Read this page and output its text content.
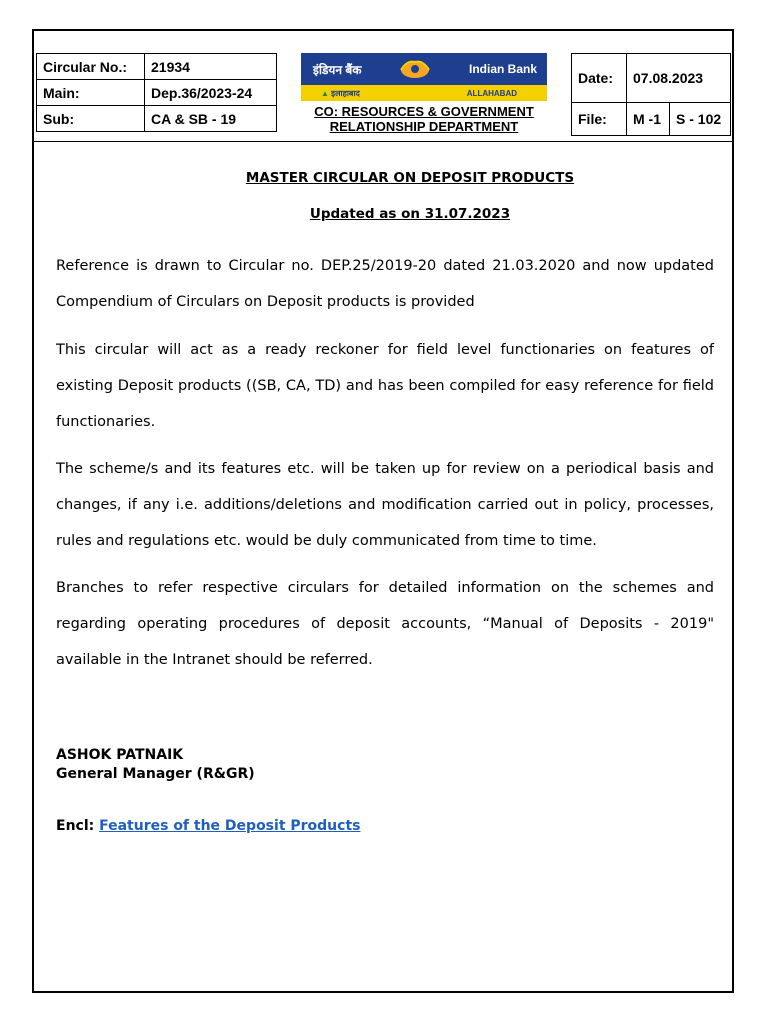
Circular No.:	21934
Main:	Dep.36/2023-24
Sub:	CA & SB - 19
इंडियन बैंक	Indian Bank
▲ इलाहाबाद	ALLAHABAD
CO: RESOURCES & GOVERNMENT
RELATIONSHIP DEPARTMENT
Date:	07.08.2023	
File:	M -1	S - 102
MASTER CIRCULAR ON DEPOSIT PRODUCTS
Updated as on 31.07.2023
Reference is drawn to Circular no. DEP.25/2019-20 dated 21.03.2020 and now updated Compendium of Circulars on Deposit products is provided
This circular will act as a ready reckoner for field level functionaries on features of existing Deposit products ((SB, CA, TD) and has been compiled for easy reference for field functionaries.
The scheme/s and its features etc. will be taken up for review on a periodical basis and changes, if any i.e. additions/deletions and modification carried out in policy, processes, rules and regulations etc. would be duly communicated from time to time.
Branches to refer respective circulars for detailed information on the schemes and regarding operating procedures of deposit accounts, “Manual of Deposits - 2019" available in the Intranet should be referred.
ASHOK PATNAIK
General Manager (R&GR)
Encl: Features of the Deposit Products
